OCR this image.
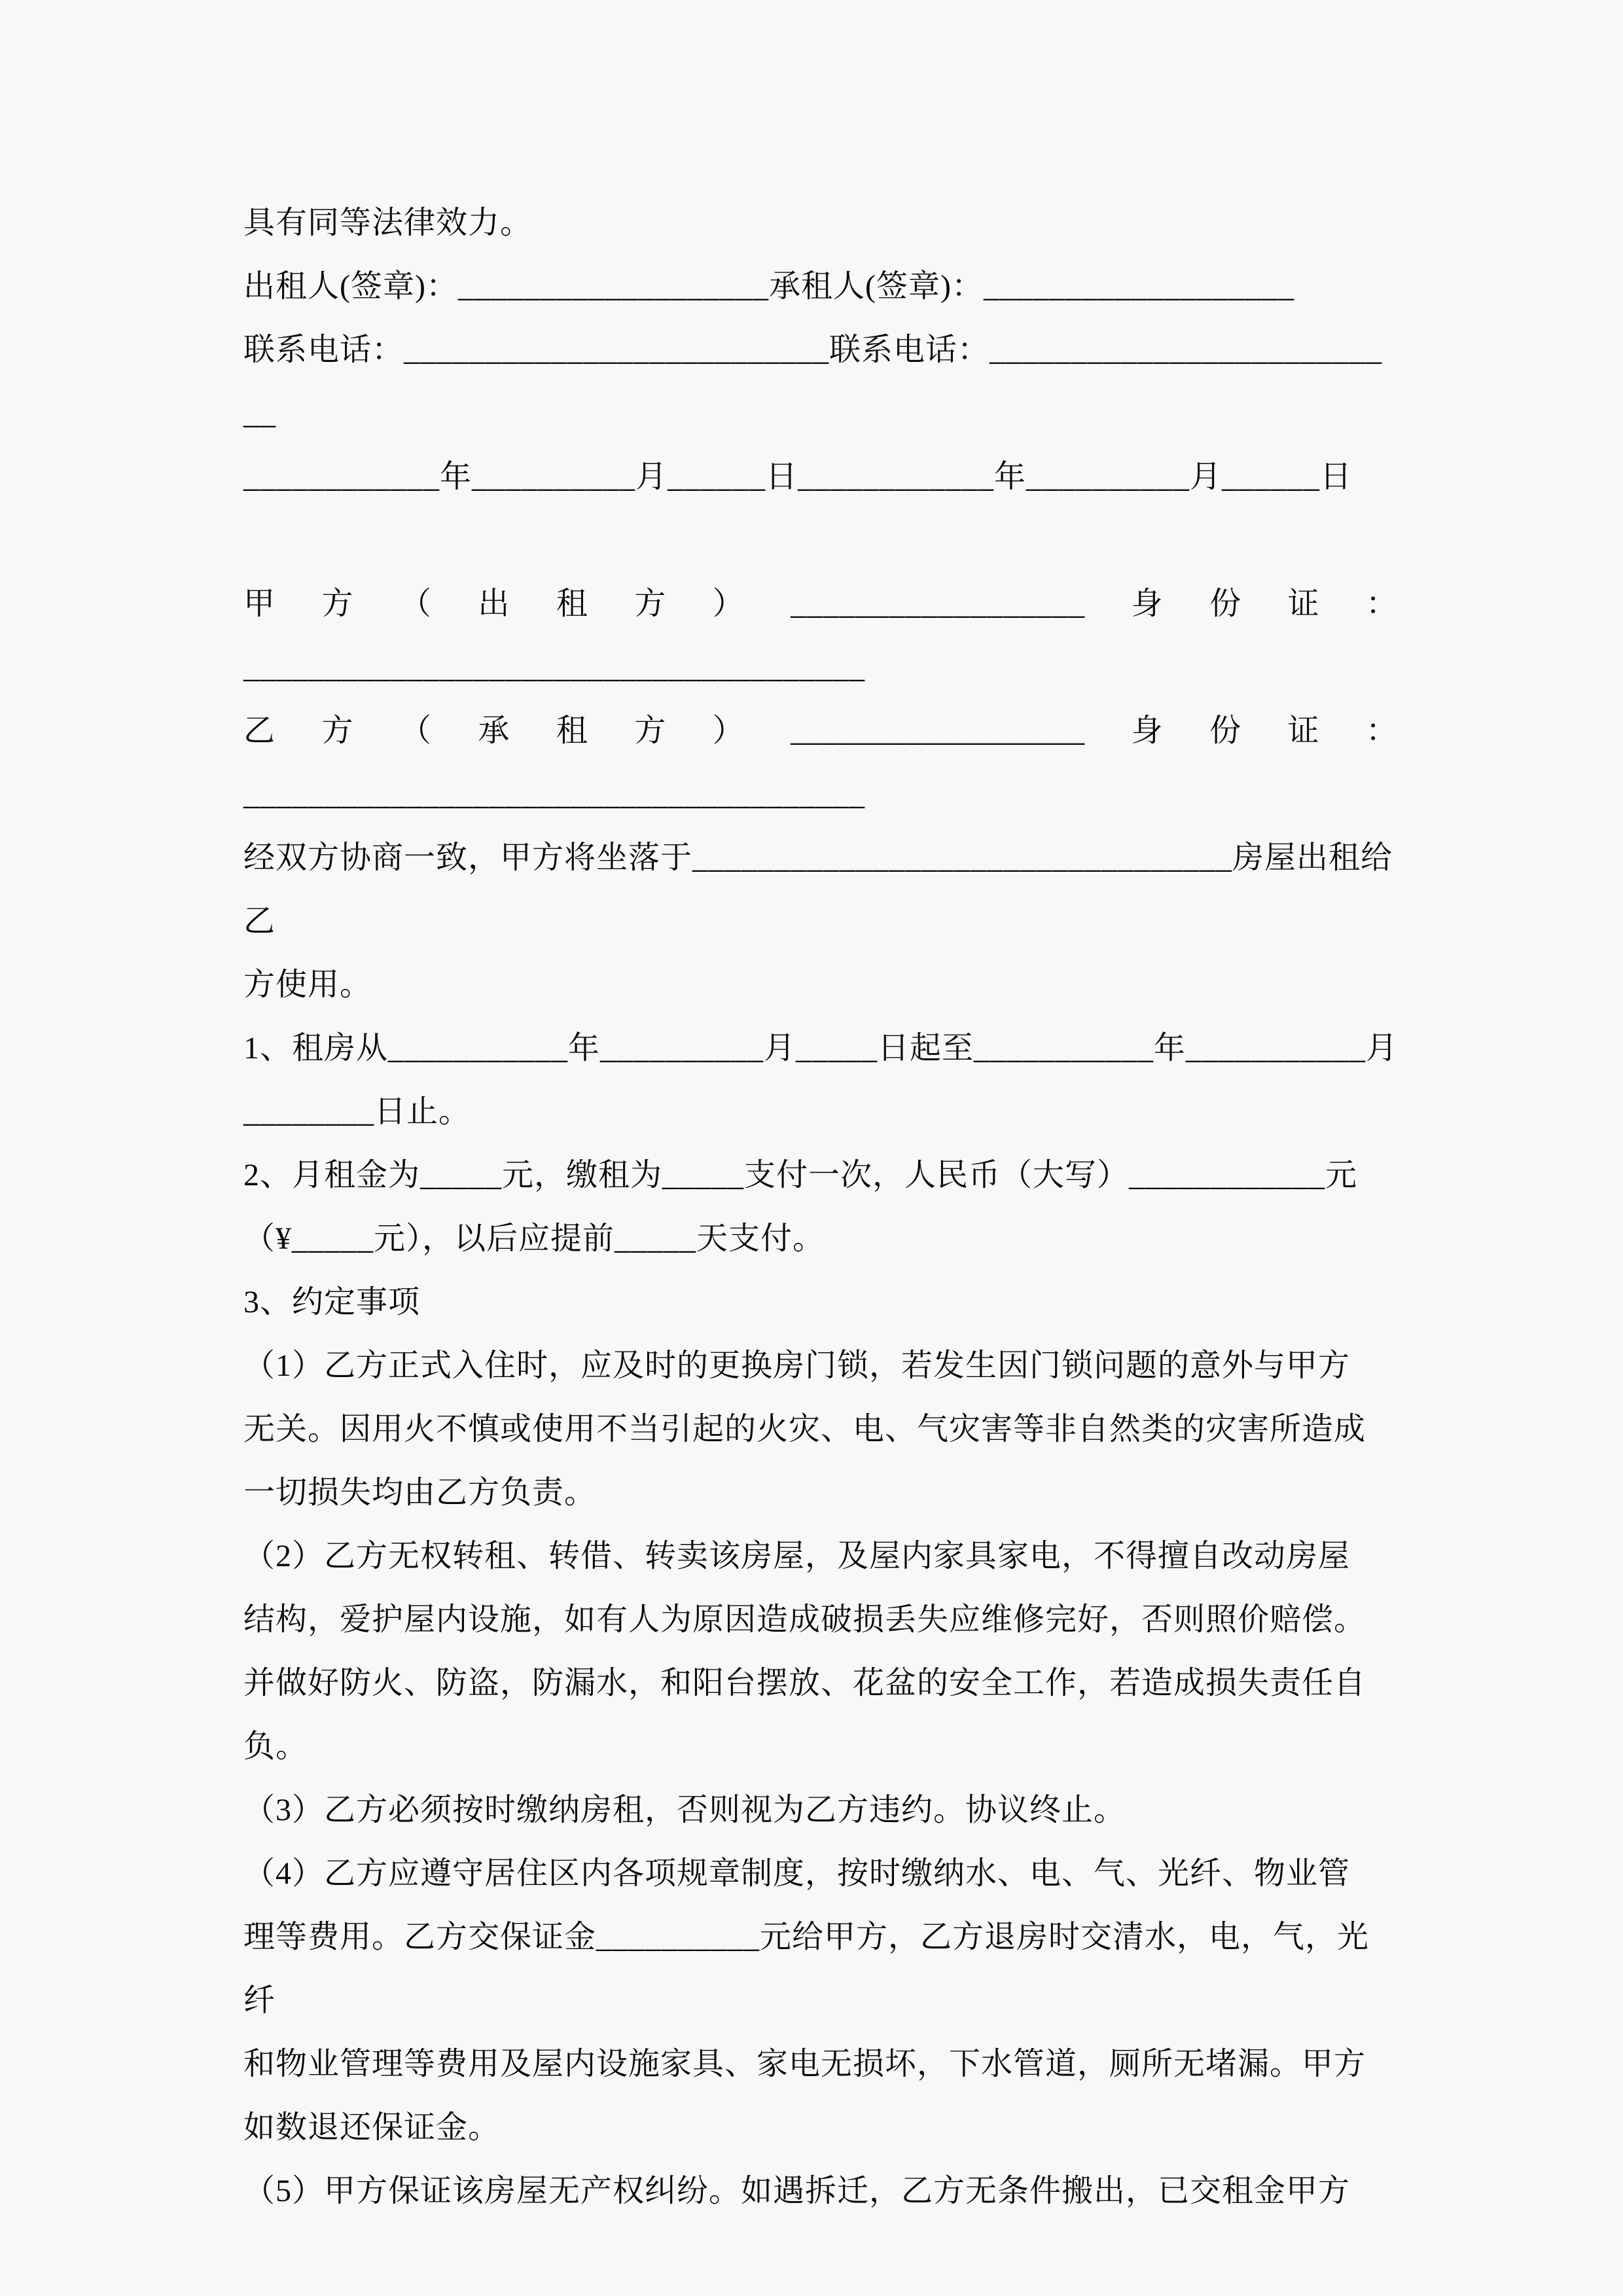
具有同等法律效力。
出租人(签章)：___________________承租人(签章)：___________________
联系电话：__________________________联系电话：__________________________
____________年__________月______日____________年__________月______日
甲方（出租方）__________________身份证：
______________________________________
乙方（承租方）__________________身份证：
______________________________________
经双方协商一致，甲方将坐落于_________________________________房屋出租给乙
方使用。
1、租房从___________年__________月_____日起至___________年___________月
________日止。
2、月租金为_____元，缴租为_____支付一次，人民币（大写）____________元
（¥_____元），以后应提前_____天支付。
3、约定事项
（1）乙方正式入住时，应及时的更换房门锁，若发生因门锁问题的意外与甲方
无关。因用火不慎或使用不当引起的火灾、电、气灾害等非自然类的灾害所造成
一切损失均由乙方负责。
（2）乙方无权转租、转借、转卖该房屋，及屋内家具家电，不得擅自改动房屋
结构，爱护屋内设施，如有人为原因造成破损丢失应维修完好，否则照价赔偿。
并做好防火、防盗，防漏水，和阳台摆放、花盆的安全工作，若造成损失责任自
负。
（3）乙方必须按时缴纳房租，否则视为乙方违约。协议终止。
（4）乙方应遵守居住区内各项规章制度，按时缴纳水、电、气、光纤、物业管
理等费用。乙方交保证金__________元给甲方，乙方退房时交清水，电，气，光纤
和物业管理等费用及屋内设施家具、家电无损坏，下水管道，厕所无堵漏。甲方
如数退还保证金。
（5）甲方保证该房屋无产权纠纷。如遇拆迁，乙方无条件搬出，已交租金甲方
